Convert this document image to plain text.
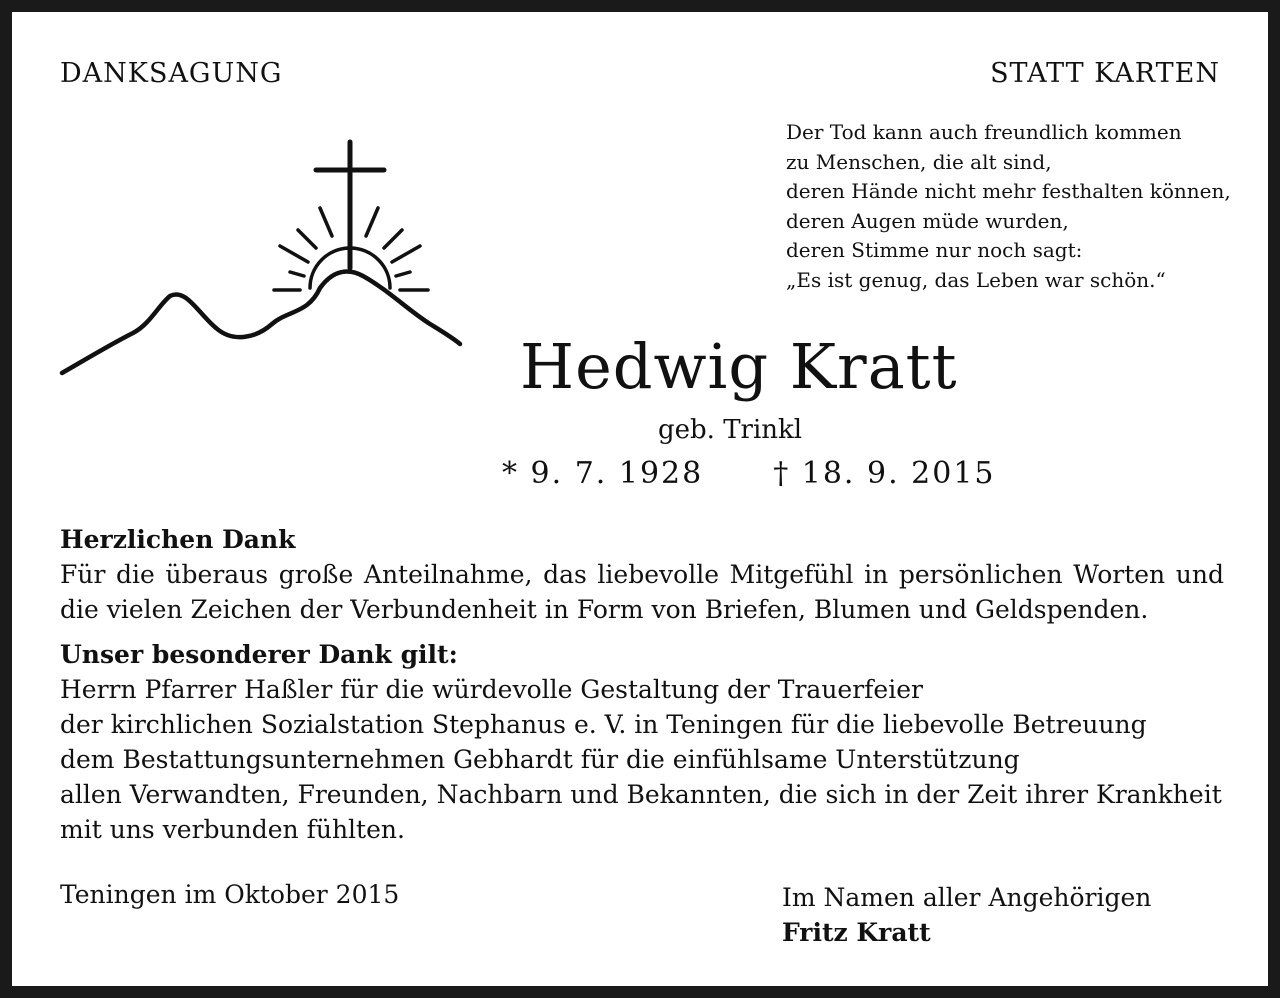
DANKSAGUNG	STATT KARTEN
Der Tod kann auch freundlich kommen
zu Menschen, die alt sind,
deren Hände nicht mehr festhalten können,
deren Augen müde wurden,
deren Stimme nur noch sagt:
„Es ist genug, das Leben war schön.“
Hedwig Kratt
geb. Trinkl
* 9. 7. 1928 † 18. 9. 2015
Herzlichen Dank
Für die überaus große Anteilnahme, das liebevolle Mitgefühl in persönlichen Worten und die vielen Zeichen der Verbundenheit in Form von Briefen, Blumen und Geldspenden.
Unser besonderer Dank gilt:
Herrn Pfarrer Haßler für die würdevolle Gestaltung der Trauerfeier
der kirchlichen Sozialstation Stephanus e. V. in Teningen für die liebevolle Betreuung
dem Bestattungsunternehmen Gebhardt für die einfühlsame Unterstützung
allen Verwandten, Freunden, Nachbarn und Bekannten, die sich in der Zeit ihrer Krankheit mit uns verbunden fühlten.
Teningen im Oktober 2015	Im Namen aller Angehörigen
Fritz Kratt
